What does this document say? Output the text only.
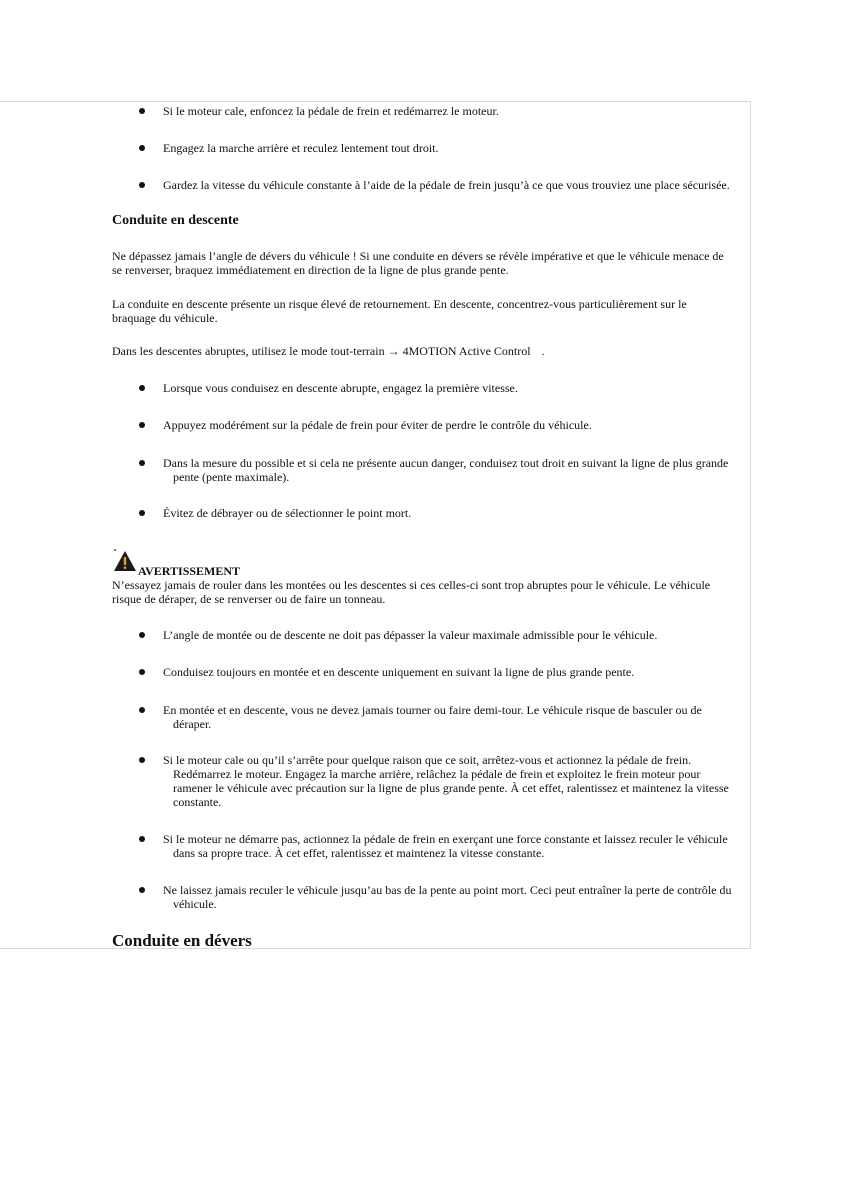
Si le moteur cale, enfoncez la pédale de frein et redémarrez le moteur.
Engagez la marche arrière et reculez lentement tout droit.
Gardez la vitesse du véhicule constante à l’aide de la pédale de frein jusqu’à ce que vous trouviez une place sécurisée.
Conduite en descente
Ne dépassez jamais l’angle de dévers du véhicule ! Si une conduite en dévers se révèle impérative et que le véhicule menace de
se renverser, braquez immédiatement en direction de la ligne de plus grande pente.
La conduite en descente présente un risque élevé de retournement. En descente, concentrez-vous particulièrement sur le
braquage du véhicule.
Dans les descentes abruptes, utilisez le mode tout-terrain → 4MOTION Active Control .
Lorsque vous conduisez en descente abrupte, engagez la première vitesse.
Appuyez modérément sur la pédale de frein pour éviter de perdre le contrôle du véhicule.
Dans la mesure du possible et si cela ne présente aucun danger, conduisez tout droit en suivant la ligne de plus grande
pente (pente maximale).
Évitez de débrayer ou de sélectionner le point mort.
AVERTISSEMENT
N’essayez jamais de rouler dans les montées ou les descentes si ces celles-ci sont trop abruptes pour le véhicule. Le véhicule
risque de déraper, de se renverser ou de faire un tonneau.
L’angle de montée ou de descente ne doit pas dépasser la valeur maximale admissible pour le véhicule.
Conduisez toujours en montée et en descente uniquement en suivant la ligne de plus grande pente.
En montée et en descente, vous ne devez jamais tourner ou faire demi-tour. Le véhicule risque de basculer ou de
déraper.
Si le moteur cale ou qu’il s’arrête pour quelque raison que ce soit, arrêtez-vous et actionnez la pédale de frein.
Redémarrez le moteur. Engagez la marche arrière, relâchez la pédale de frein et exploitez le frein moteur pour
ramener le véhicule avec précaution sur la ligne de plus grande pente. À cet effet, ralentissez et maintenez la vitesse
constante.
Si le moteur ne démarre pas, actionnez la pédale de frein en exerçant une force constante et laissez reculer le véhicule
dans sa propre trace. À cet effet, ralentissez et maintenez la vitesse constante.
Ne laissez jamais reculer le véhicule jusqu’au bas de la pente au point mort. Ceci peut entraîner la perte de contrôle du
véhicule.
Conduite en dévers
